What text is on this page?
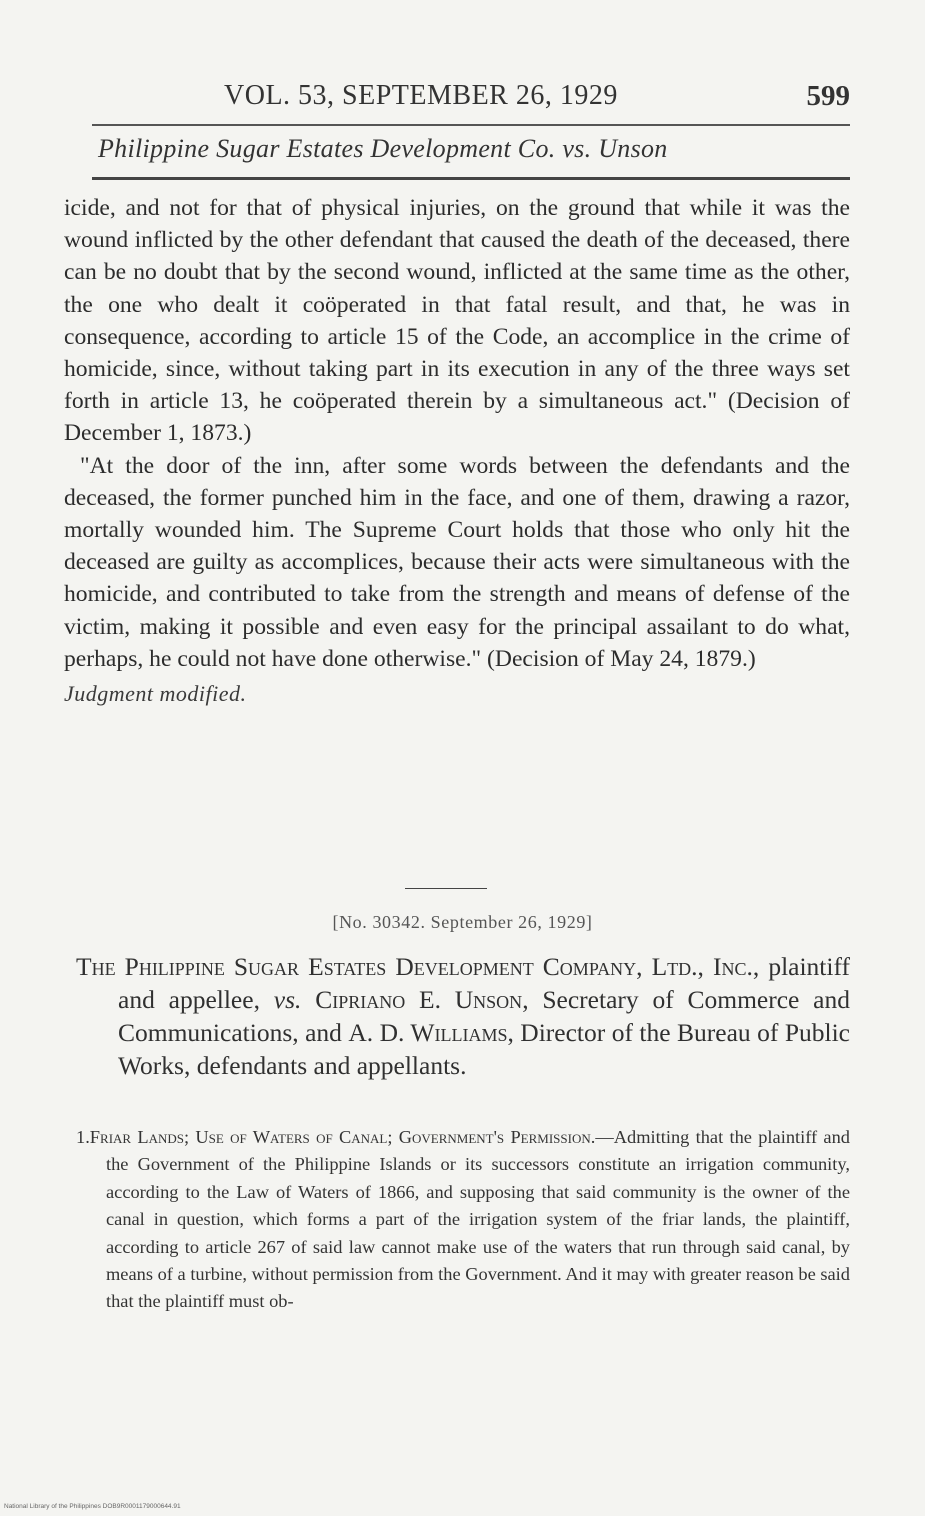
VOL. 53, SEPTEMBER 26, 1929	599
Philippine Sugar Estates Development Co. vs. Unson

icide, and not for that of physical injuries, on the ground that while it was the wound inflicted by the other defendant that caused the death of the deceased, there can be no doubt that by the second wound, inflicted at the same time as the other, the one who dealt it coöperated in that fatal result, and that, he was in consequence, according to article 15 of the Code, an accomplice in the crime of homicide, since, without taking part in its execution in any of the three ways set forth in article 13, he coöperated therein by a simultaneous act." (Decision of December 1, 1873.)

"At the door of the inn, after some words between the defendants and the deceased, the former punched him in the face, and one of them, drawing a razor, mortally wounded him. The Supreme Court holds that those who only hit the deceased are guilty as accomplices, because their acts were simultaneous with the homicide, and contributed to take from the strength and means of defense of the victim, making it possible and even easy for the principal assailant to do what, perhaps, he could not have done otherwise." (Decision of May 24, 1879.)

Judgment modified.

[No. 30342. September 26, 1929]
The Philippine Sugar Estates Development Company, Ltd., Inc., plaintiff and appellee, vs. Cipriano E. Unson, Secretary of Commerce and Communications, and A. D. Williams, Director of the Bureau of Public Works, defendants and appellants.
1.Friar Lands; Use of Waters of Canal; Government's Permission.—Admitting that the plaintiff and the Government of the Philippine Islands or its successors constitute an irrigation community, according to the Law of Waters of 1866, and supposing that said community is the owner of the canal in question, which forms a part of the irrigation system of the friar lands, the plaintiff, according to article 267 of said law cannot make use of the waters that run through said canal, by means of a turbine, without permission from the Government. And it may with greater reason be said that the plaintiff must ob-
National Library of the Philippines DOB9R0001179000644.91
